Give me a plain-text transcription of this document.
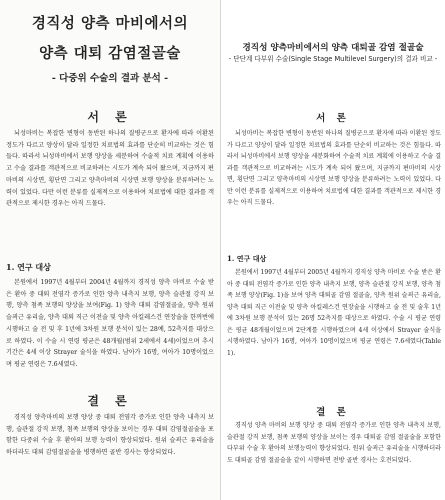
경직성 양측 마비에서의
양측 대퇴 감염절골술
- 다중위 수술의 결과 분석 -
서 론

뇌성마비는 복잡한 변형이 동반된 하나의 질병군으로 환자에 따라 이환된 정도가 다르고 양상이 달라 일정한 치료법의 효과를 단순히 비교하는 것은 힘들다. 따라서 뇌성마비에서 보행 양상을 세분하여 수술적 치료 계획에 이용하고 수술 결과를 객관적으로 비교하려는 시도가 계속 되어 왔으며, 지금까지 편마비의 시상면, 횡단면 그리고 양측마비의 시상면 보행 양상을 분류하려는 노력이 있었다. 다만 이런 분류를 실제적으로 이용하여 치료법에 대한 결과를 객관적으로 제시한 경우는 아직 드물다.

1. 연구 대상

본원에서 1997년 4월부터 2004년 4월까지 경직성 양측 마비로 수술 받은 환아 중 대퇴 전염각 증가로 인한 양측 내측지 보행, 양측 슬관절 강직 보행, 양측 첨족 보행의 양상을 보여(Fig. 1) 양측 대퇴 감염절골술, 양측 원위 슬괵근 유리술, 양측 대퇴 직근 이전술 및 양측 아킬레스건 연장술을 한꺼번에 시행하고 술 전 및 후 1년에 3차원 보행 분석이 있는 28예, 52측지를 대상으로 하였다. 이 수술 시 연령 평균은 48개월(범위 2세에서 4세)이었으며 추시기간은 4세 이상 Strayer 술식을 하였다. 남아가 16명, 여아가 10명이었으며 평균 연령은 7.6세였다.

결 론

경직성 양측마비의 보행 양상 중 대퇴 전염각 증가로 인한 양측 내측지 보행, 슬관절 강직 보행, 첨족 보행의 양상을 보이는 경우 대퇴 감염절골술을 포함한 다중위 수술 후 환아의 보행 능력이 향상되었다. 원위 슬괵근 유리술을 하더라도 대퇴 감염절골술을 병행하면 골반 경사는 향상되었다.

경직성 양측마비에서의 양측 대퇴골 감염 절골술
- 단단계 다부위 수술(Single Stage Multilevel Surgery)의 결과 비교 -
서 론

뇌성마비는 복잡한 변형이 동반된 하나의 질병군으로 환자에 따라 이환된 정도가 다르고 양상이 달라 일정한 치료법의 효과를 단순히 비교하는 것은 힘들다. 따라서 뇌성마비에서 보행 양상을 세분화하여 수술적 치료 계획에 이용하고 수술 결과를 객관적으로 비교하려는 시도가 계속 되어 왔으며, 지금까지 편마비의 시상면, 횡단면 그리고 양측마비의 시상면 보행 양상을 분류하려는 노력이 있었다. 다만 이런 분류를 실제적으로 이용하여 치료법에 대한 결과를 객관적으로 제시한 경우는 아직 드물다.

1. 연구 대상

본원에서 1997년 4월부터 2005년 4월까지 경직성 양측 마비로 수술 받은 환아 중 대퇴 전염각 증가로 인한 양측 내측지 보행, 양측 슬관절 강직 보행, 양측 첨족 보행 양상(Fig. 1)을 보여 양측 대퇴골 감염 절골술, 양측 원위 슬괵근 유리술, 양측 대퇴 직근 이전술 및 양측 아킬레스건 연장술을 시행하고 술 전 및 술후 1년에 3차원 보행 분석이 있는 26명 52측지를 대상으로 하였다. 수술 시 평균 연령은 평균 48개월이었으며 2단계를 시행하였으며 4세 이상에서 Strayer 술식을 시행하였다. 남아가 16명, 여아가 10명이었으며 평균 연령은 7.6세였다(Table 1).

결 론

경직성 양측 마비의 보행 양상 중 대퇴 전염각 증가로 인한 양측 내측지 보행, 슬관절 강직 보행, 첨족 보행의 양상을 보이는 경우 대퇴골 감염 절골술을 포함한 다부위 수술 후 환아의 보행능력이 향상되었다. 원위 슬괵근 유리술을 시행하더라도 대퇴골 감염 절골술을 같이 시행하면 전방 골반 경사는 호전되었다.
